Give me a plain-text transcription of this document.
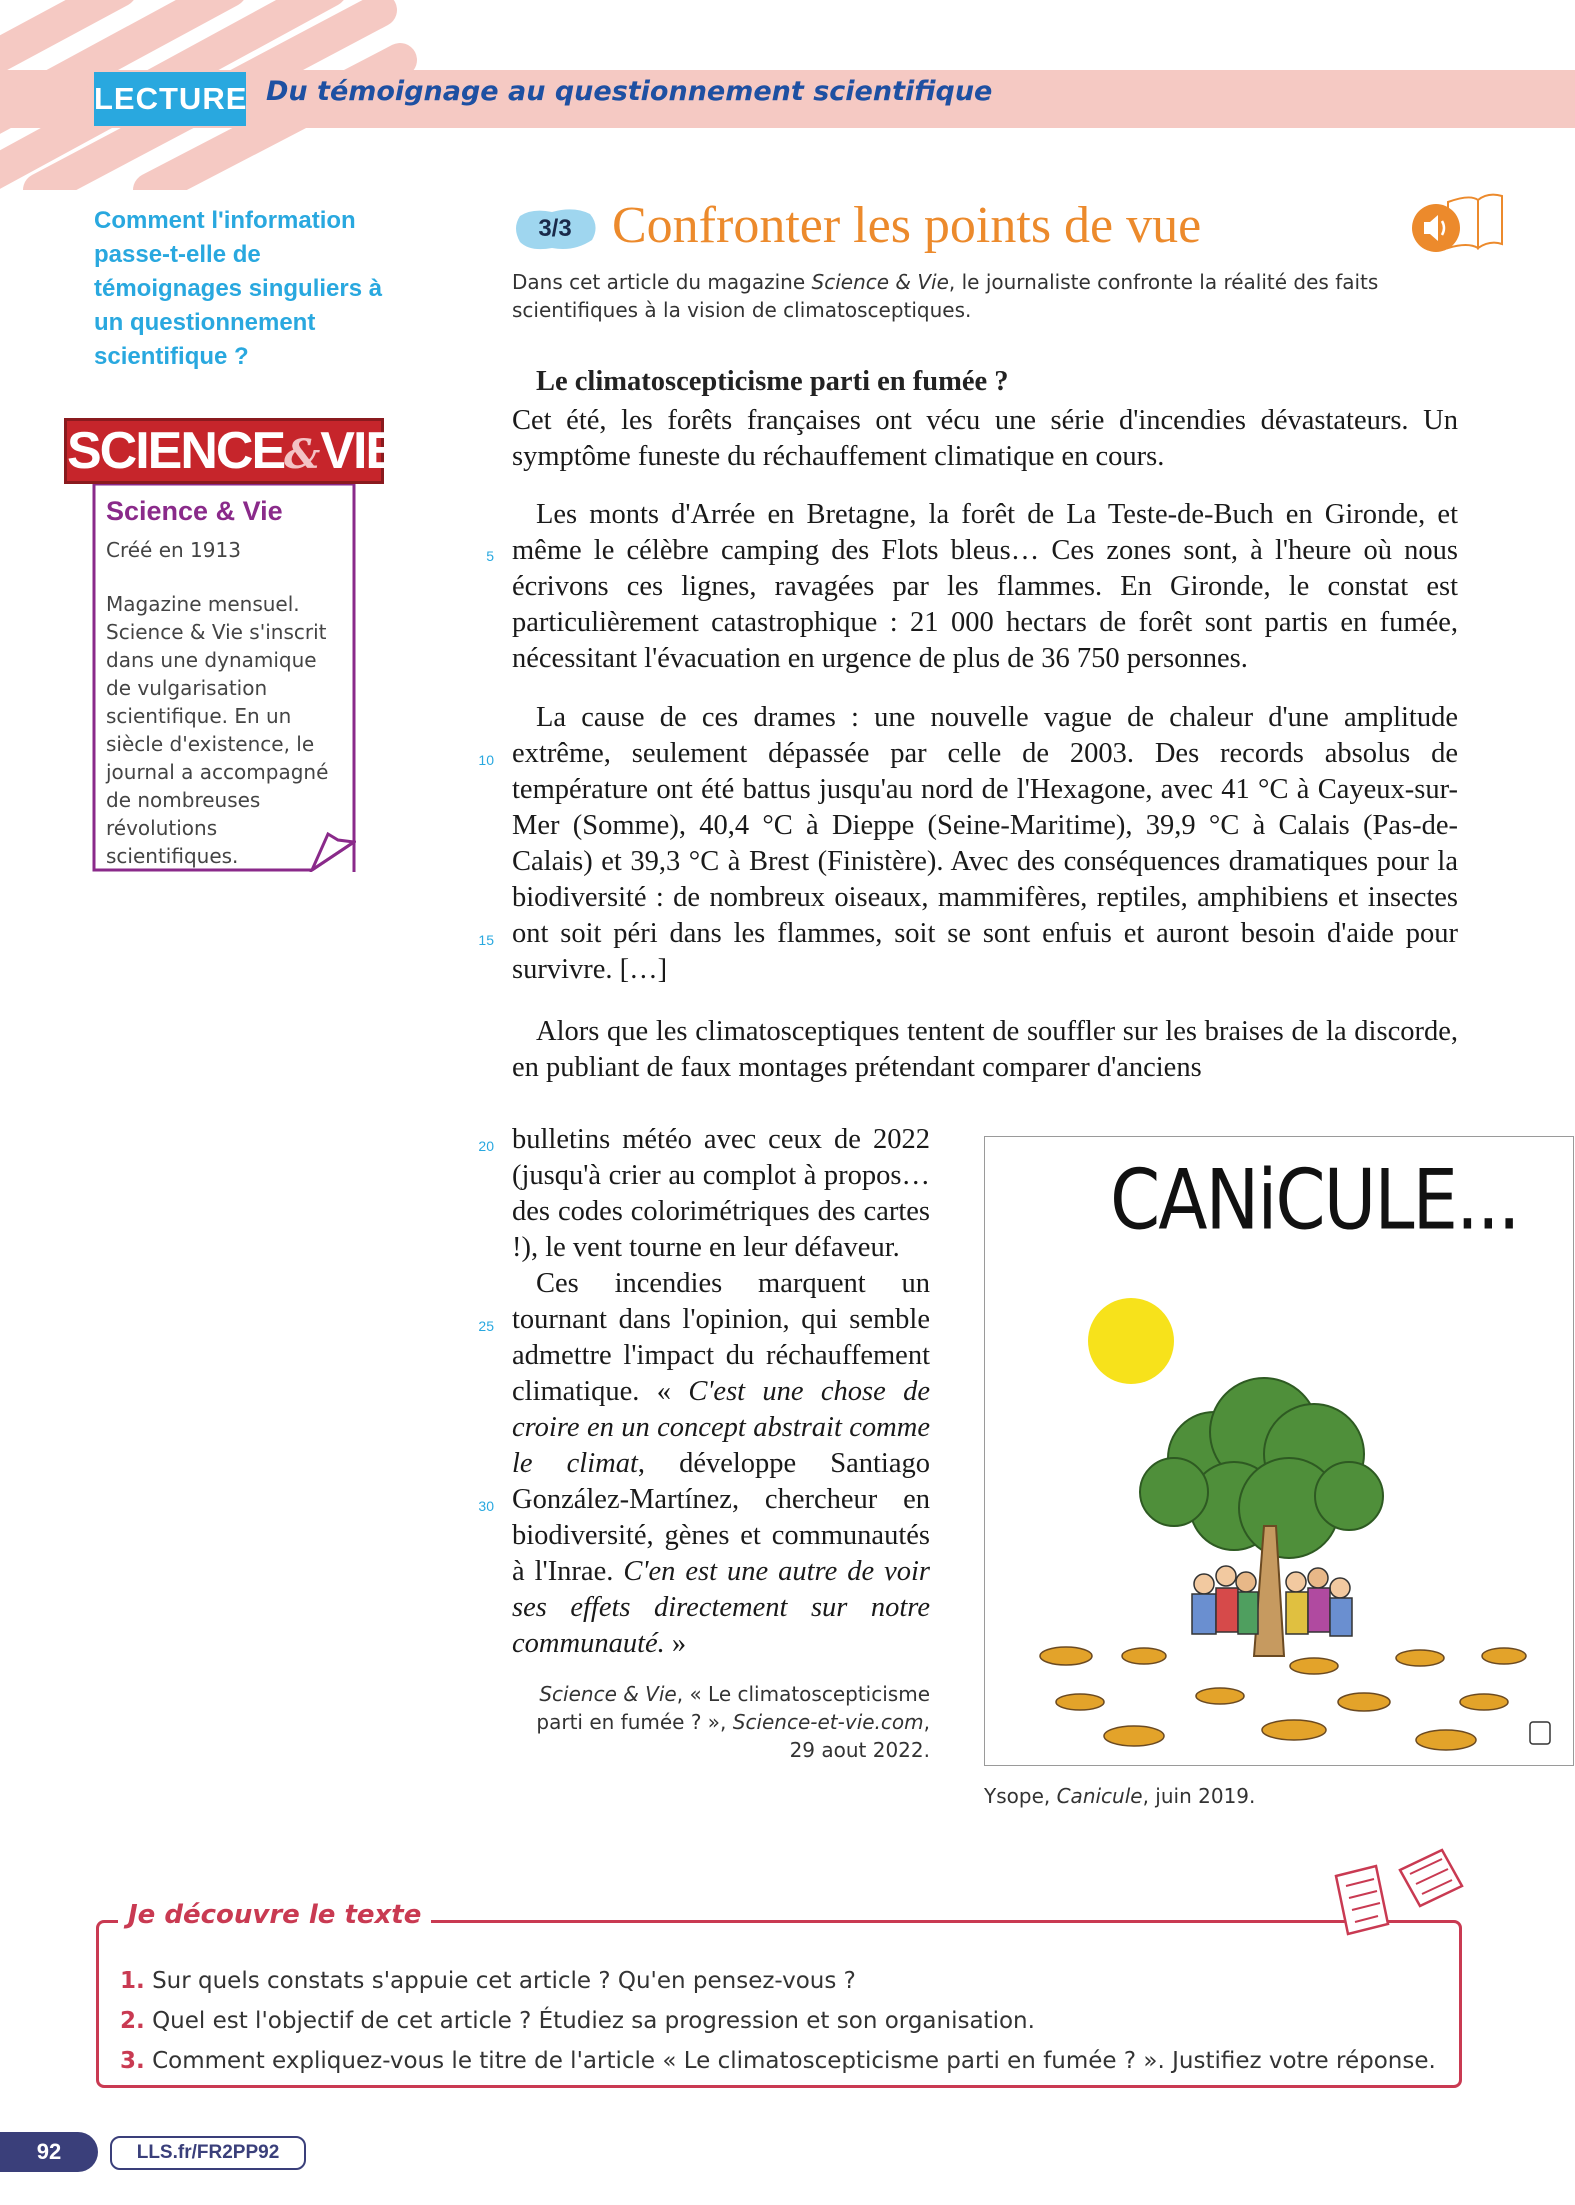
LECTURE Du témoignage au questionnement scientifique
Comment l'information passe-t-elle de témoignages singuliers à un questionnement scientifique ?
SCIENCE&VIE
Science & Vie
Créé en 1913
Magazine mensuel. Science & Vie s'inscrit dans une dynamique de vulgarisation scientifique. En un siècle d'existence, le journal a accompagné de nombreuses révolutions scientifiques.
3/3 Confronter les points de vue
Dans cet article du magazine Science & Vie, le journaliste confronte la réalité des faits scientifiques à la vision de climatosceptiques.
Le climatoscepticisme parti en fumée ?
Cet été, les forêts françaises ont vécu une série d'incendies dévastateurs. Un symptôme funeste du réchauffement climatique en cours.
Les monts d'Arrée en Bretagne, la forêt de La Teste-de-Buch en Gironde, et même le célèbre camping des Flots bleus… Ces zones sont, à l'heure où nous écrivons ces lignes, ravagées par les flammes. En Gironde, le constat est particulièrement catastrophique : 21 000 hectars de forêt sont partis en fumée, nécessitant l'évacuation en urgence de plus de 36 750 personnes.
La cause de ces drames : une nouvelle vague de chaleur d'une amplitude extrême, seulement dépassée par celle de 2003. Des records absolus de température ont été battus jusqu'au nord de l'Hexagone, avec 41 °C à Cayeux-sur-Mer (Somme), 40,4 °C à Dieppe (Seine-Maritime), 39,9 °C à Calais (Pas-de-Calais) et 39,3 °C à Brest (Finistère). Avec des conséquences dramatiques pour la biodiversité : de nombreux oiseaux, mammifères, reptiles, amphibiens et insectes ont soit péri dans les flammes, soit se sont enfuis et auront besoin d'aide pour survivre. […]
Alors que les climatosceptiques tentent de souffler sur les braises de la discorde, en publiant de faux montages prétendant comparer d'anciens
bulletins météo avec ceux de 2022 (jusqu'à crier au complot à propos… des codes colorimétriques des cartes !), le vent tourne en leur défaveur.
Ces incendies marquent un tournant dans l'opinion, qui semble admettre l'impact du réchauffement climatique. « C'est une chose de croire en un concept abstrait comme le climat, développe Santiago González-Martínez, chercheur en biodiversité, gènes et communautés à l'Inrae. C'en est une autre de voir ses effets directement sur notre communauté. »
5
10
15
20
25
30
Science & Vie, « Le climatoscepticisme parti en fumée ? », Science-et-vie.com, 29 aout 2022.
CANiCULE...
Ysope, Canicule, juin 2019.
Je découvre le texte
1. Sur quels constats s'appuie cet article ? Qu'en pensez-vous ?
2. Quel est l'objectif de cet article ? Étudiez sa progression et son organisation.
3. Comment expliquez-vous le titre de l'article « Le climatoscepticisme parti en fumée ? ». Justifiez votre réponse.
92	LLS.fr/FR2PP92
